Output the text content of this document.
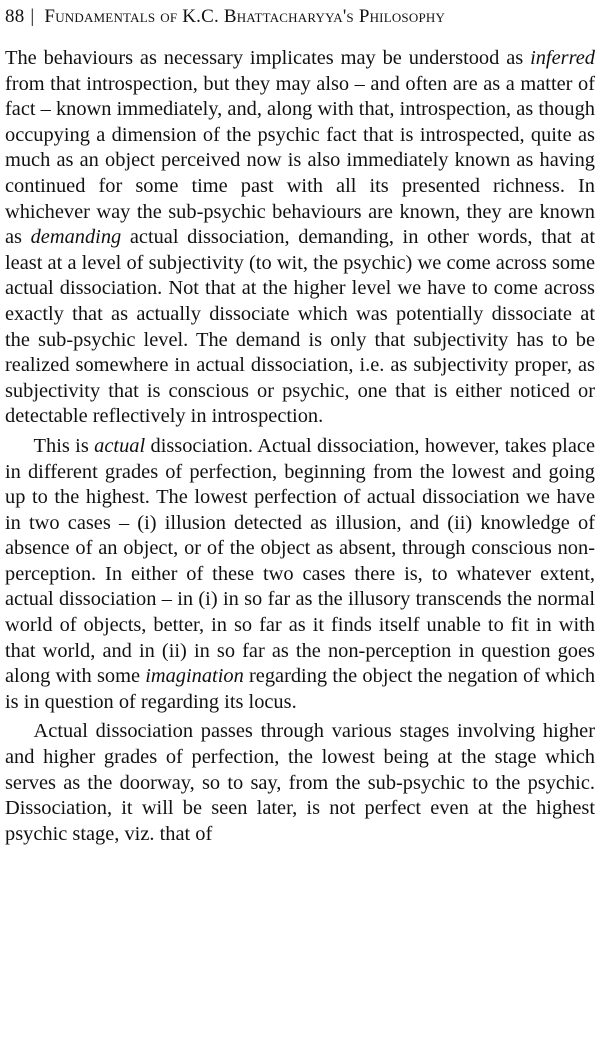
88 | Fundamentals of K.C. Bhattacharyya's Philosophy

The behaviours as necessary implicates may be understood as inferred from that introspection, but they may also – and often are as a matter of fact – known immediately, and, along with that, introspection, as though occupying a dimension of the psychic fact that is introspected, quite as much as an object perceived now is also immediately known as having continued for some time past with all its presented richness. In whichever way the sub-psychic behaviours are known, they are known as demanding actual dissociation, demanding, in other words, that at least at a level of subjectivity (to wit, the psychic) we come across some actual dissociation. Not that at the higher level we have to come across exactly that as actually dissociate which was potentially dissociate at the sub-psychic level. The demand is only that subjectivity has to be realized somewhere in actual dissociation, i.e. as subjectivity proper, as subjectivity that is conscious or psychic, one that is either noticed or detectable reflectively in introspection.

This is actual dissociation. Actual dissociation, however, takes place in different grades of perfection, beginning from the lowest and going up to the highest. The lowest perfection of actual dissociation we have in two cases – (i) illusion detected as illusion, and (ii) knowledge of absence of an object, or of the object as absent, through conscious non-perception. In either of these two cases there is, to whatever extent, actual dissociation – in (i) in so far as the illusory transcends the normal world of objects, better, in so far as it finds itself unable to fit in with that world, and in (ii) in so far as the non-perception in question goes along with some imagination regarding the object the negation of which is in question of regarding its locus.

Actual dissociation passes through various stages involving higher and higher grades of perfection, the lowest being at the stage which serves as the doorway, so to say, from the sub-psychic to the psychic. Dissociation, it will be seen later, is not perfect even at the highest psychic stage, viz. that of
